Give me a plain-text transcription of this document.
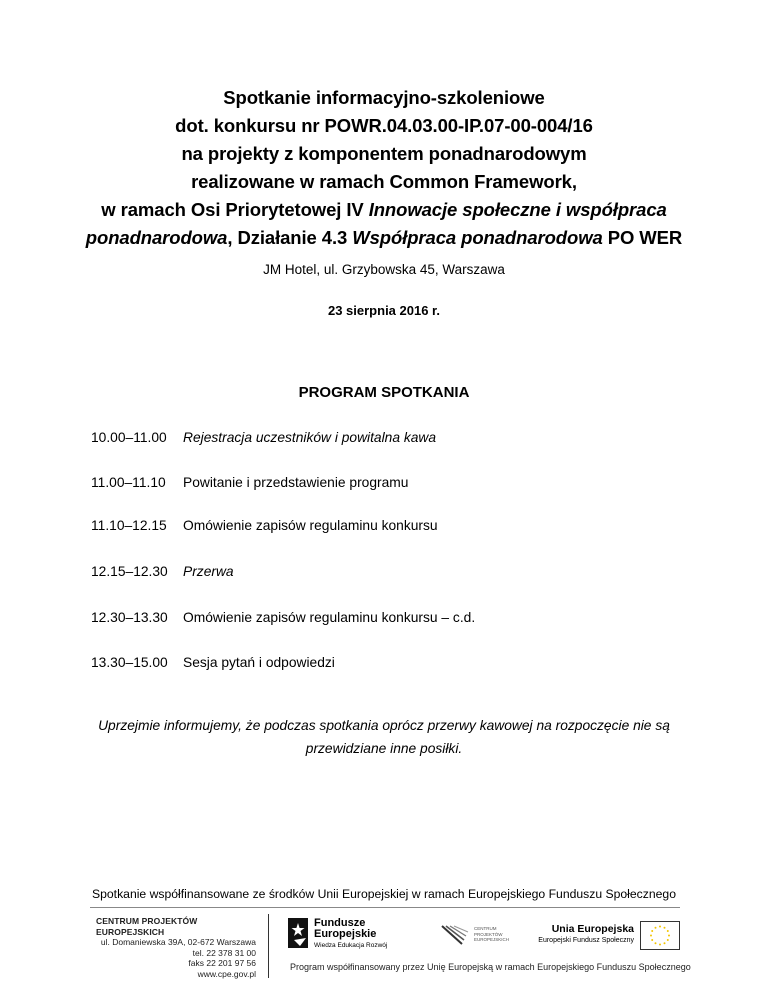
Spotkanie informacyjno-szkoleniowe
dot. konkursu nr POWR.04.03.00-IP.07-00-004/16
na projekty z komponentem ponadnarodowym
realizowane w ramach Common Framework,
w ramach Osi Priorytetowej IV Innowacje społeczne i współpraca
ponadnarodowa, Działanie 4.3 Współpraca ponadnarodowa PO WER
JM Hotel, ul. Grzybowska 45, Warszawa
23 sierpnia 2016 r.
PROGRAM SPOTKANIA
10.00–11.00 Rejestracja uczestników i powitalna kawa
11.00–11.10 Powitanie i przedstawienie programu
11.10–12.15 Omówienie zapisów regulaminu konkursu
12.15–12.30 Przerwa
12.30–13.30 Omówienie zapisów regulaminu konkursu – c.d.
13.30–15.00 Sesja pytań i odpowiedzi
Uprzejmie informujemy, że podczas spotkania oprócz przerwy kawowej na rozpoczęcie nie są
przewidziane inne posiłki.
Spotkanie współfinansowane ze środków Unii Europejskiej w ramach Europejskiego Funduszu Społecznego
CENTRUM PROJEKTÓW EUROPEJSKICH
ul. Domaniewska 39A, 02-672 Warszawa
tel. 22 378 31 00
faks 22 201 97 56
www.cpe.gov.pl
Fundusze
Europejskie
Wiedza Edukacja Rozwój
CENTRUM PROJEKTÓW
EUROPEJSKICH
Unia Europejska
Europejski Fundusz Społeczny
Program współfinansowany przez Unię Europejską w ramach Europejskiego Funduszu Społecznego
